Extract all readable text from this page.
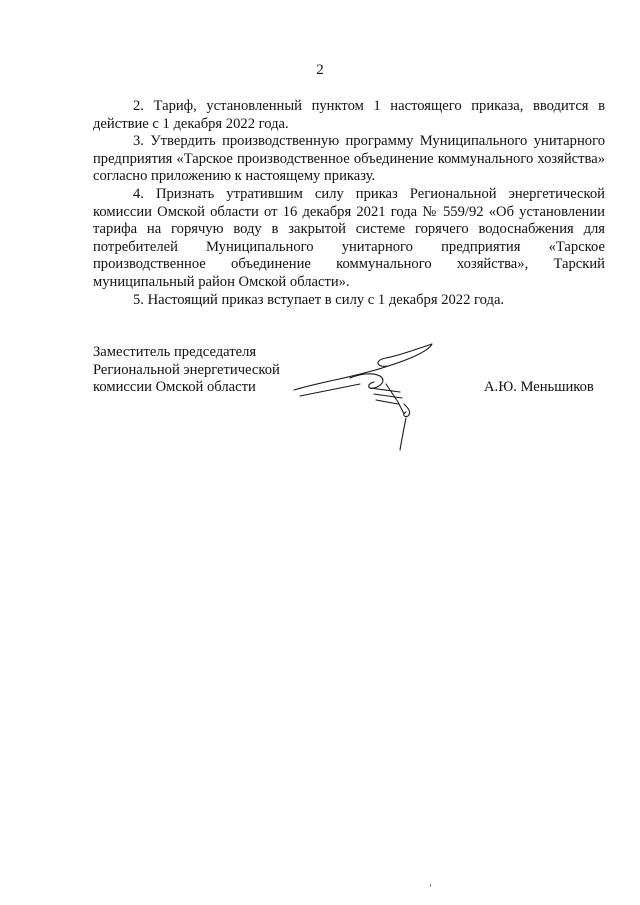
2

2. Тариф, установленный пунктом 1 настоящего приказа, вводится в действие с 1 декабря 2022 года.

3. Утвердить производственную программу Муниципального унитарного предприятия «Тарское производственное объединение коммунального хозяйства» согласно приложению к настоящему приказу.

4. Признать утратившим силу приказ Региональной энергетической комиссии Омской области от 16 декабря 2021 года № 559/92 «Об установлении тарифа на горячую воду в закрытой системе горячего водоснабжения для потребителей Муниципального унитарного предприятия «Тарское производственное объединение коммунального хозяйства», Тарский муниципальный район Омской области».

5. Настоящий приказ вступает в силу с 1 декабря 2022 года.

Заместитель председателя
Региональной энергетической
комиссии Омской области	А.Ю. Меньшиков
